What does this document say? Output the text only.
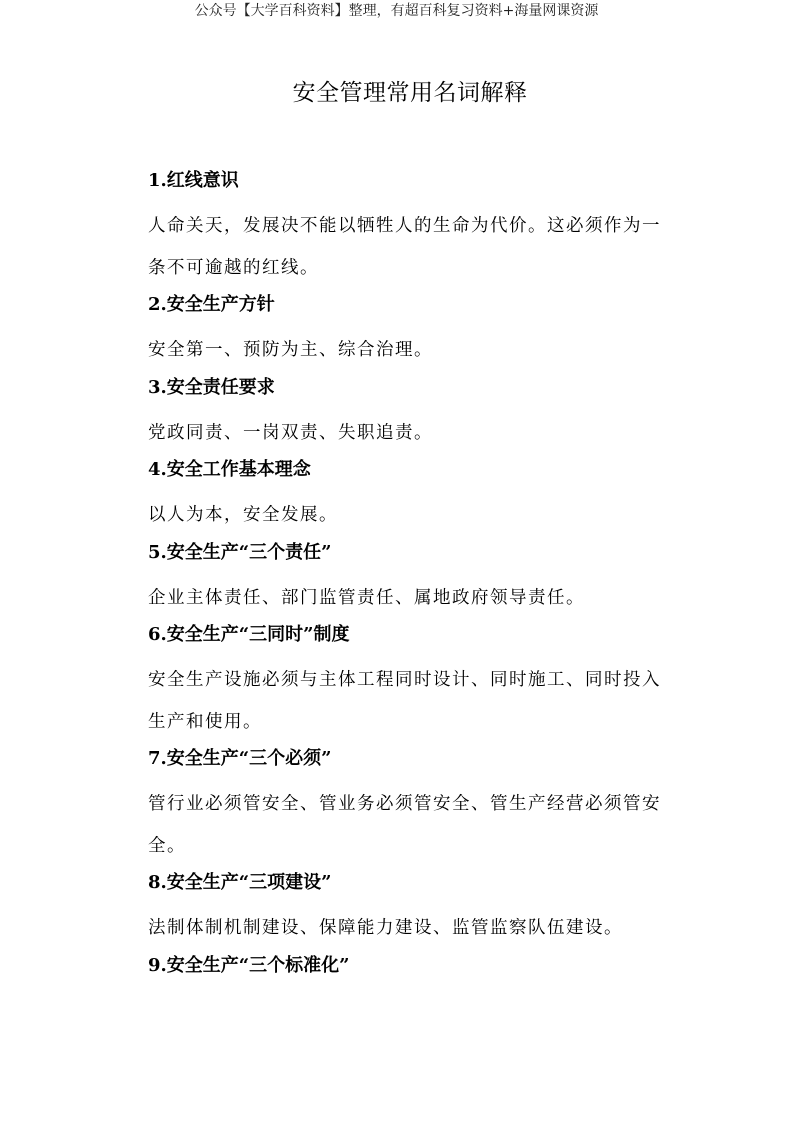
公众号【大学百科资料】整理，有超百科复习资料+海量网课资源
安全管理常用名词解释
1.红线意识
人命关天，发展决不能以牺牲人的生命为代价。这必须作为一条不可逾越的红线。
2.安全生产方针
安全第一、预防为主、综合治理。
3.安全责任要求
党政同责、一岗双责、失职追责。
4.安全工作基本理念
以人为本，安全发展。
5.安全生产“三个责任”
企业主体责任、部门监管责任、属地政府领导责任。
6.安全生产“三同时”制度
安全生产设施必须与主体工程同时设计、同时施工、同时投入生产和使用。
7.安全生产“三个必须”
管行业必须管安全、管业务必须管安全、管生产经营必须管安全。
8.安全生产“三项建设”
法制体制机制建设、保障能力建设、监管监察队伍建设。
9.安全生产“三个标准化”
